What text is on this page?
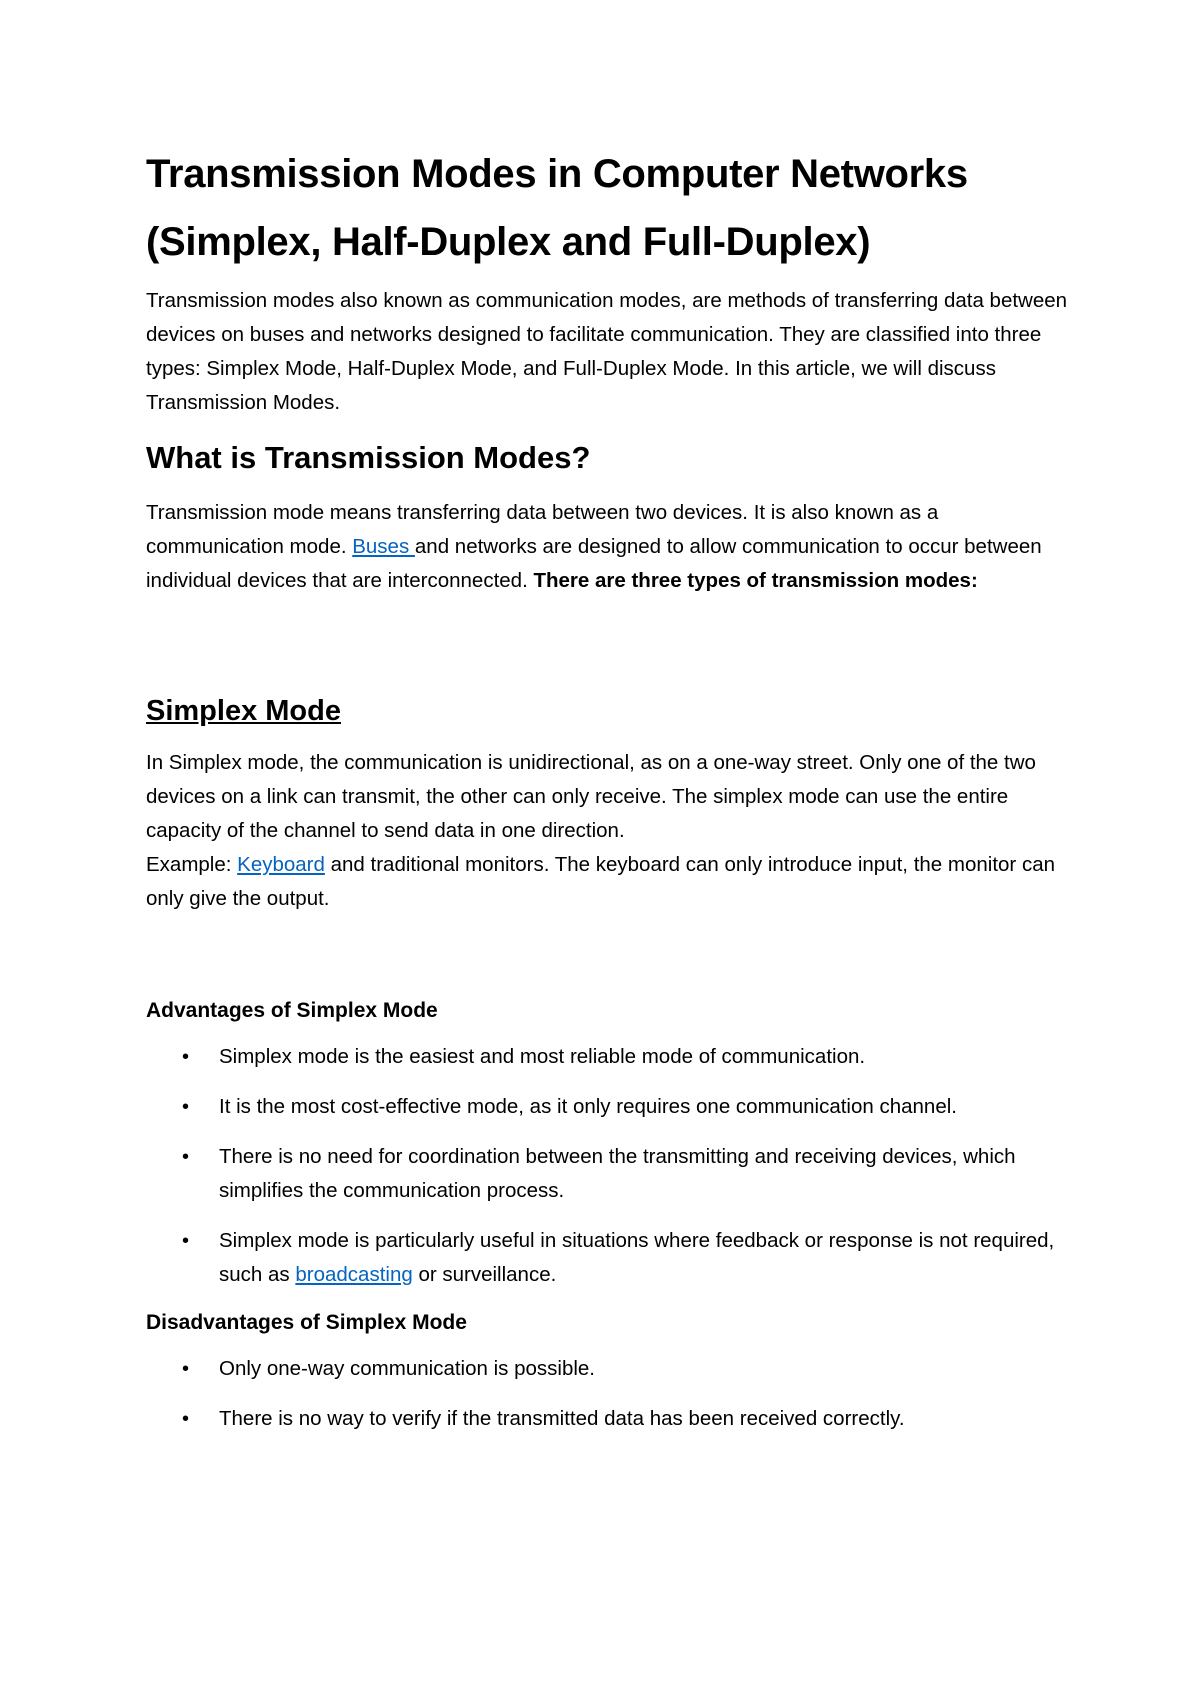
Transmission Modes in Computer Networks
(Simplex, Half-Duplex and Full-Duplex)

Transmission modes also known as communication modes, are methods of transferring data between devices on buses and networks designed to facilitate communication. They are classified into three types: Simplex Mode, Half-Duplex Mode, and Full-Duplex Mode. In this article, we will discuss Transmission Modes.

What is Transmission Modes?

Transmission mode means transferring data between two devices. It is also known as a communication mode. Buses and networks are designed to allow communication to occur between individual devices that are interconnected. There are three types of transmission modes:

Simplex Mode

In Simplex mode, the communication is unidirectional, as on a one-way street. Only one of the two devices on a link can transmit, the other can only receive. The simplex mode can use the entire capacity of the channel to send data in one direction.
Example: Keyboard and traditional monitors. The keyboard can only introduce input, the monitor can only give the output.

Advantages of Simplex Mode
• Simplex mode is the easiest and most reliable mode of communication.
• It is the most cost-effective mode, as it only requires one communication channel.
• There is no need for coordination between the transmitting and receiving devices, which simplifies the communication process.
• Simplex mode is particularly useful in situations where feedback or response is not required, such as broadcasting or surveillance.
Disadvantages of Simplex Mode
• Only one-way communication is possible.
• There is no way to verify if the transmitted data has been received correctly.
